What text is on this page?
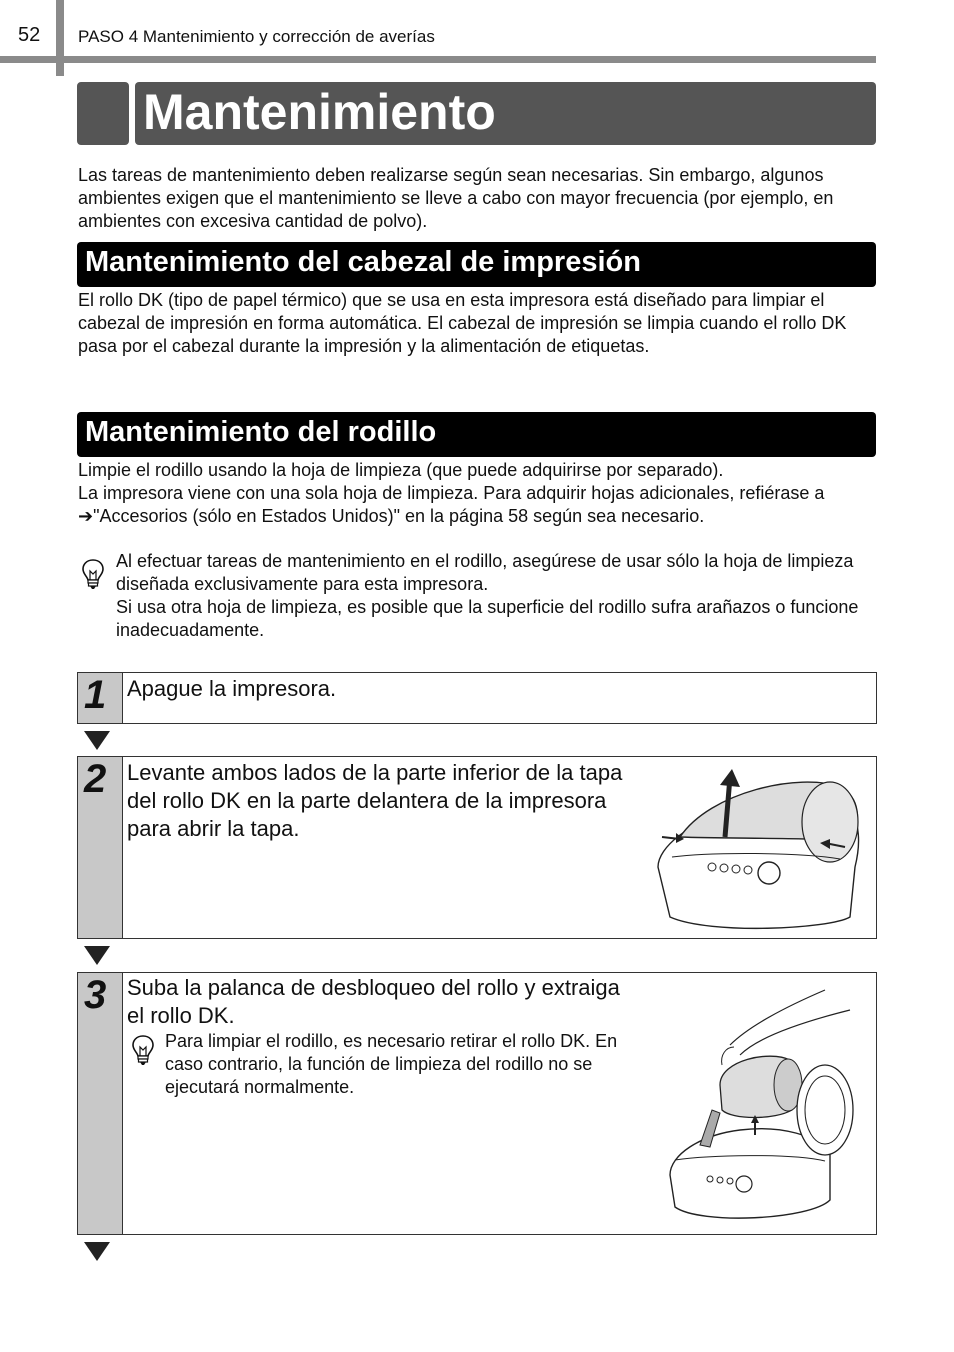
52 PASO 4 Mantenimiento y corrección de averías
Mantenimiento
Las tareas de mantenimiento deben realizarse según sean necesarias. Sin embargo, algunos ambientes exigen que el mantenimiento se lleve a cabo con mayor frecuencia (por ejemplo, en ambientes con excesiva cantidad de polvo).
Mantenimiento del cabezal de impresión
El rollo DK (tipo de papel térmico) que se usa en esta impresora está diseñado para limpiar el cabezal de impresión en forma automática. El cabezal de impresión se limpia cuando el rollo DK pasa por el cabezal durante la impresión y la alimentación de etiquetas.
Mantenimiento del rodillo
Limpie el rodillo usando la hoja de limpieza (que puede adquirirse por separado).
La impresora viene con una sola hoja de limpieza. Para adquirir hojas adicionales, refiérase a ➔"Accesorios (sólo en Estados Unidos)" en la página 58 según sea necesario.
Al efectuar tareas de mantenimiento en el rodillo, asegúrese de usar sólo la hoja de limpieza diseñada exclusivamente para esta impresora.
Si usa otra hoja de limpieza, es posible que la superficie del rodillo sufra arañazos o funcione inadecuadamente.
1 Apague la impresora.
2 Levante ambos lados de la parte inferior de la tapa del rollo DK en la parte delantera de la impresora para abrir la tapa.
3 Suba la palanca de desbloqueo del rollo y extraiga el rollo DK.
Para limpiar el rodillo, es necesario retirar el rollo DK. En caso contrario, la función de limpieza del rodillo no se ejecutará normalmente.
